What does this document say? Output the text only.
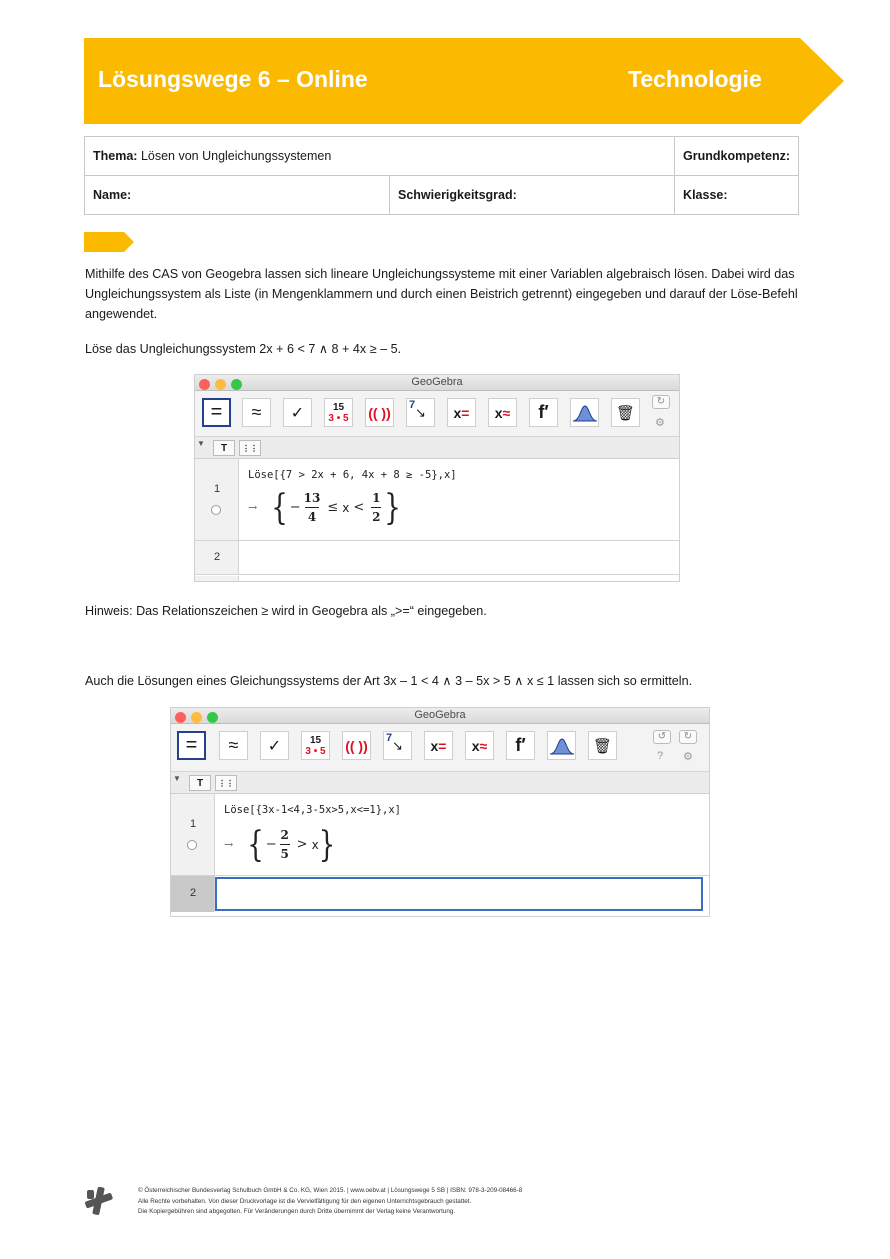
Lösungswege 6 – Online	Technologie
Thema: Lösen von Ungleichungssystemen		Grundkompetenz:
Name:	Schwierigkeitsgrad:	Klasse:
Mithilfe des CAS von Geogebra lassen sich lineare Ungleichungssysteme mit einer Variablen algebraisch lösen. Dabei wird das Ungleichungssystem als Liste (in Mengenklammern und durch einen Beistrich getrennt) eingegeben und darauf der Löse-Befehl angewendet.
Löse das Ungleichungssystem 2x + 6 < 7 ∧ 8 + 4x ≥ – 5.
GeoGebra
= ≈ ✓	15
3 • 5 (( )) 7 ↘	x =	x ≈	f′	🗑
↻
⚙
▼	T	⋮⋮
1
Löse[{7 > 2x + 6, 4x + 8 ≥ -5},x]
→ { − $\frac{13}{4} \le x < \frac{1}{2}$ }
2
Hinweis: Das Relationszeichen ≥ wird in Geogebra als „>=“ eingegeben.
Auch die Lösungen eines Gleichungssystems der Art 3x – 1 < 4 ∧ 3 – 5x > 5 ∧ x ≤ 1 lassen sich so ermitteln.
GeoGebra
= ≈ ✓	15
3 • 5 (( )) 7 ↘	x =	x ≈	f′	🗑
↺	↻
? ⚙
▼	T	⋮⋮
1
Löse[{3x-1<4,3-5x>5,x<=1},x]
→ { − $\frac{2}{5} > x$ }
2
© Österreichischer Bundesverlag Schulbuch GmbH & Co. KG, Wien 2015. | www.oebv.at | Lösungswege 5 SB | ISBN: 978-3-209-08466-8
Alle Rechte vorbehalten. Von dieser Druckvorlage ist die Vervielfältigung für den eigenen Unterrichtsgebrauch gestattet.
Die Kopiergebühren sind abgegolten. Für Veränderungen durch Dritte übernimmt der Verlag keine Verantwortung.
